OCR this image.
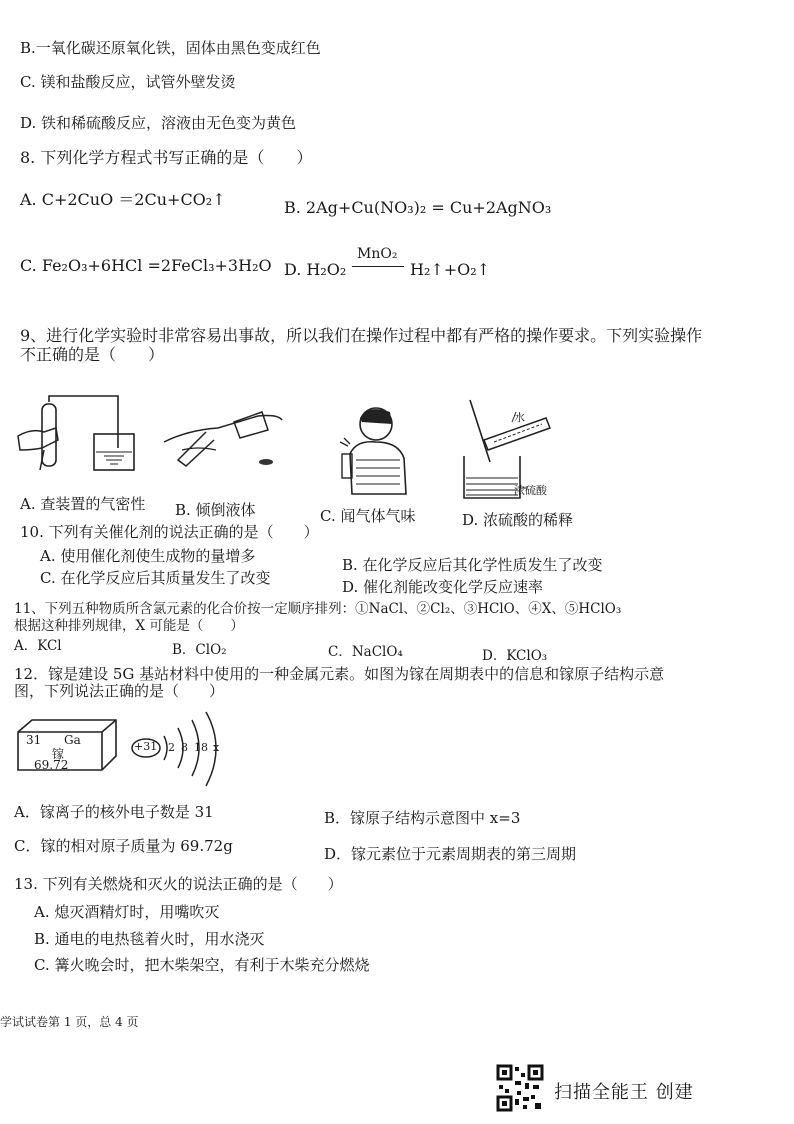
B.一氧化碳还原氧化铁，固体由黑色变成红色
C. 镁和盐酸反应，试管外壁发烫
D. 铁和稀硫酸反应，溶液由无色变为黄色
8. 下列化学方程式书写正确的是（　　）
A. C+2CuO ＝2Cu+CO₂↑	B. 2Ag+Cu(NO₃)₂ = Cu+2AgNO₃
C. Fe₂O₃+6HCl =2FeCl₃+3H₂O D. H₂O₂
MnO₂
H₂↑+O₂↑
9、进行化学实验时非常容易出事故，所以我们在操作过程中都有严格的操作要求。下列实验操作
不正确的是（　　）
水
浓硫酸
A. 查装置的气密性 B. 倾倒液体	C. 闻气体气味	D. 浓硫酸的稀释
10. 下列有关催化剂的说法正确的是（　　）
A. 使用催化剂使生成物的量增多	B. 在化学反应后其化学性质发生了改变
C. 在化学反应后其质量发生了改变	D. 催化剂能改变化学反应速率
11、下列五种物质所含氯元素的化合价按一定顺序排列：①NaCl、②Cl₂、③HClO、④X、⑤HClO₃
根据这种排列规律，X 可能是（　　）
A．KCl	B．ClO₂	C．NaClO₄	D．KClO₃
12．镓是建设 5G 基站材料中使用的一种金属元素。如图为镓在周期表中的信息和镓原子结构示意
图，下列说法正确的是（　　）
31 Ga
镓
69.72
+31 2 8 18 x
A．镓离子的核外电子数是 31	B．镓原子结构示意图中 x=3
C．镓的相对原子质量为 69.72g	D．镓元素位于元素周期表的第三周期
13. 下列有关燃烧和灭火的说法正确的是（　　）
A. 熄灭酒精灯时，用嘴吹灭
B. 通电的电热毯着火时，用水浇灭
C. 篝火晚会时，把木柴架空，有利于木柴充分燃烧
学试试卷第 1 页，总 4 页
扫描全能王 创建
